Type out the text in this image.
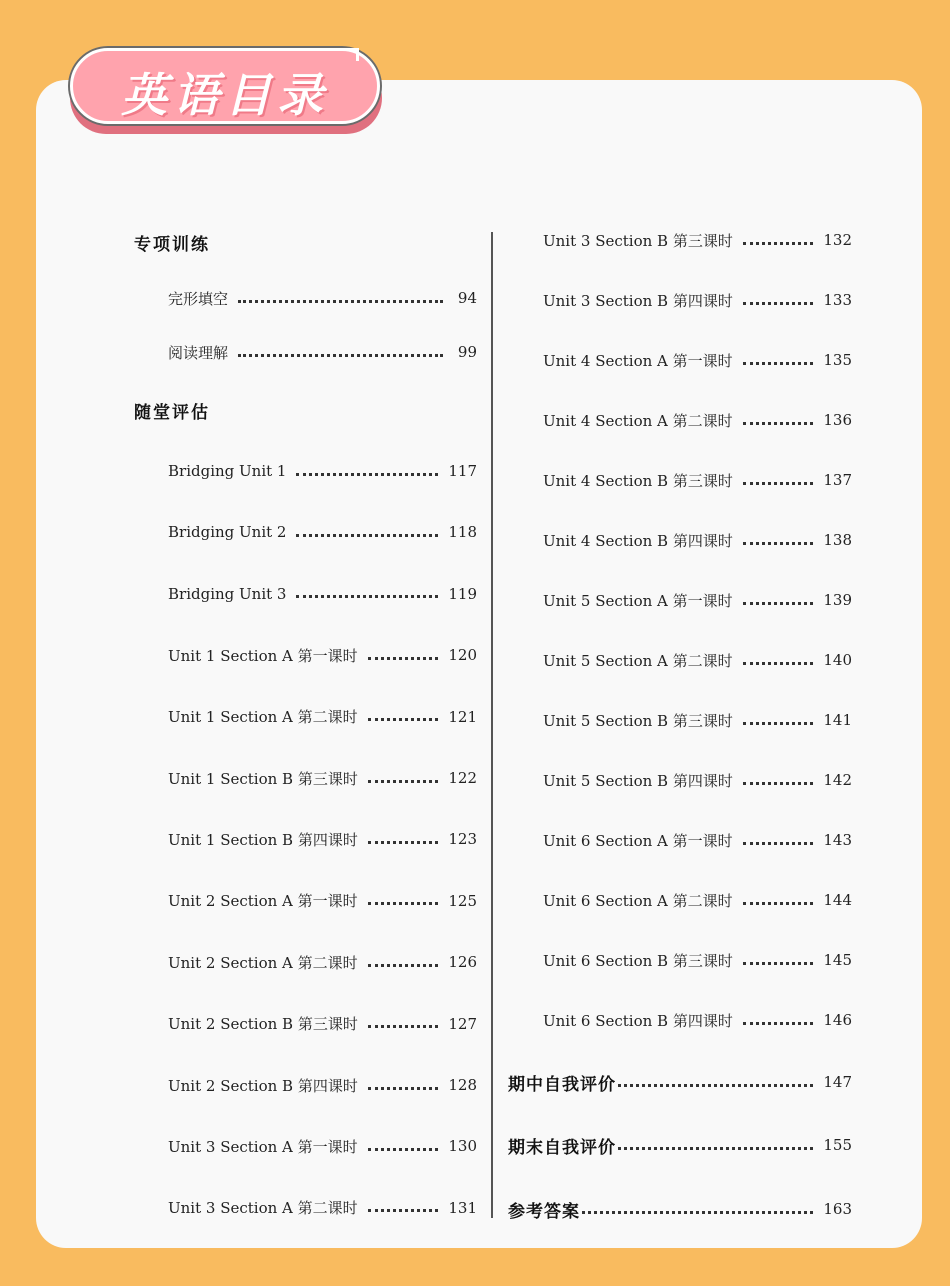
英语目录
专项训练
完形填空	94
阅读理解	99
随堂评估
Bridging Unit 1	117
Bridging Unit 2	118
Bridging Unit 3	119
Unit 1 Section A 第一课时	120
Unit 1 Section A 第二课时	121
Unit 1 Section B 第三课时	122
Unit 1 Section B 第四课时	123
Unit 2 Section A 第一课时	125
Unit 2 Section A 第二课时	126
Unit 2 Section B 第三课时	127
Unit 2 Section B 第四课时	128
Unit 3 Section A 第一课时	130
Unit 3 Section A 第二课时	131
Unit 3 Section B 第三课时	132
Unit 3 Section B 第四课时	133
Unit 4 Section A 第一课时	135
Unit 4 Section A 第二课时	136
Unit 4 Section B 第三课时	137
Unit 4 Section B 第四课时	138
Unit 5 Section A 第一课时	139
Unit 5 Section A 第二课时	140
Unit 5 Section B 第三课时	141
Unit 5 Section B 第四课时	142
Unit 6 Section A 第一课时	143
Unit 6 Section A 第二课时	144
Unit 6 Section B 第三课时	145
Unit 6 Section B 第四课时	146
期中自我评价	147
期末自我评价	155
参考答案	163
